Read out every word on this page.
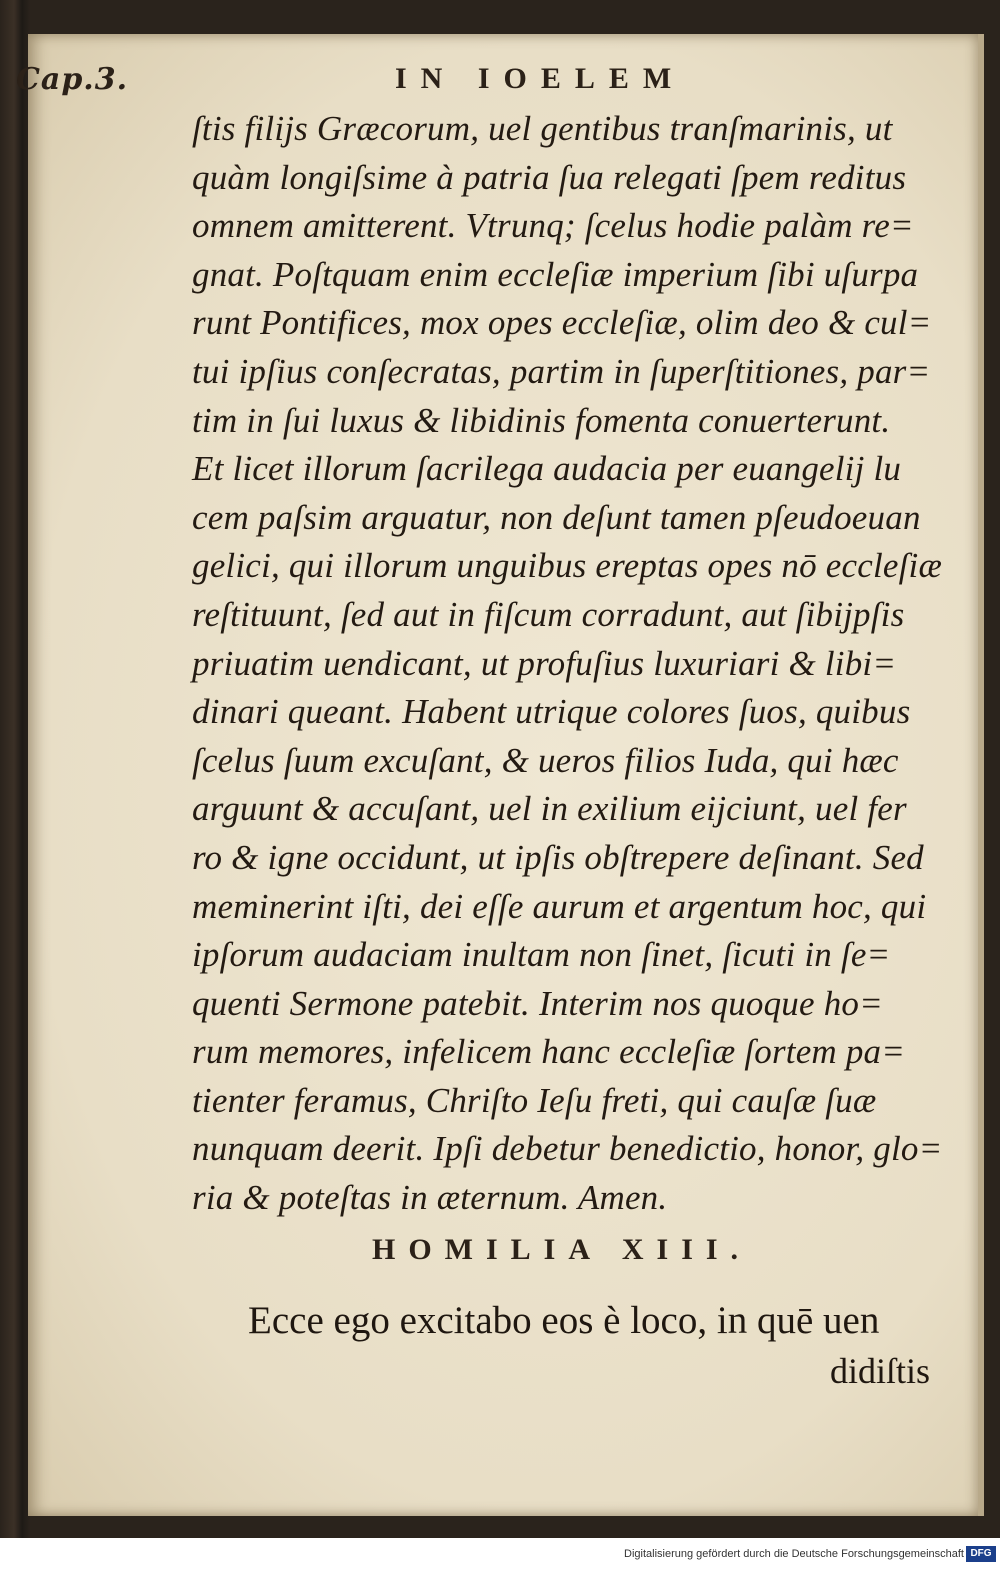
Cap.3.	IN IOELEM
ſtis filijs Græcorum, uel gentibus tranſmarinis, ut
quàm longiſsime à patria ſua relegati ſpem reditus
omnem amitterent. Vtrunq; ſcelus hodie palàm re=
gnat. Poſtquam enim eccleſiæ imperium ſibi uſurpa
runt Pontifices, mox opes eccleſiæ, olim deo & cul=
tui ipſius conſecratas, partim in ſuperſtitiones, par=
tim in ſui luxus & libidinis fomenta conuerterunt.
Et licet illorum ſacrilega audacia per euangelij lu
cem paſsim arguatur, non deſunt tamen pſeudoeuan
gelici, qui illorum unguibus ereptas opes nō eccleſiæ
reſtituunt, ſed aut in fiſcum corradunt, aut ſibijpſis
priuatim uendicant, ut profuſius luxuriari & libi=
dinari queant. Habent utrique colores ſuos, quibus
ſcelus ſuum excuſant, & ueros filios Iuda, qui hæc
arguunt & accuſant, uel in exilium eijciunt, uel fer
ro & igne occidunt, ut ipſis obſtrepere deſinant. Sed
meminerint iſti, dei eſſe aurum et argentum hoc, qui
ipſorum audaciam inultam non ſinet, ſicuti in ſe=
quenti Sermone patebit. Interim nos quoque ho=
rum memores, infelicem hanc eccleſiæ ſortem pa=
tienter feramus, Chriſto Ieſu freti, qui cauſæ ſuæ
nunquam deerit. Ipſi debetur benedictio, honor, glo=
ria & poteſtas in æternum. Amen.
HOMILIA XIII.
Ecce ego excitabo eos è loco, in quē uen
didiſtis
Digitalisierung gefördert durch die Deutsche Forschungsgemeinschaft DFG
